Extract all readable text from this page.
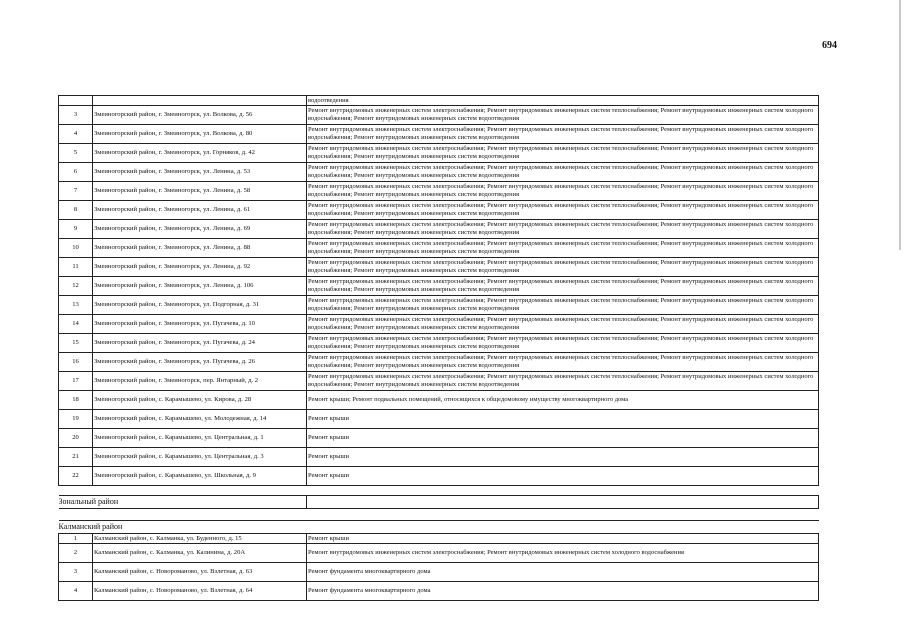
694
		водоотведения
3	Змеиногорский район, г. Змеиногорск, ул. Волкова, д. 56	Ремонт внутридомовых инженерных систем электроснабжения; Ремонт внутридомовых инженерных систем теплоснабжения; Ремонт внутридомовых инженерных систем холодного водоснабжения; Ремонт внутридомовых инженерных систем водоотведения
4	Змеиногорский район, г. Змеиногорск, ул. Волкова, д. 80	Ремонт внутридомовых инженерных систем электроснабжения; Ремонт внутридомовых инженерных систем теплоснабжения; Ремонт внутридомовых инженерных систем холодного водоснабжения; Ремонт внутридомовых инженерных систем водоотведения
5	Змеиногорский район, г. Змеиногорск, ул. Горняков, д. 42	Ремонт внутридомовых инженерных систем электроснабжения; Ремонт внутридомовых инженерных систем теплоснабжения; Ремонт внутридомовых инженерных систем холодного водоснабжения; Ремонт внутридомовых инженерных систем водоотведения
6	Змеиногорский район, г. Змеиногорск, ул. Ленина, д. 53	Ремонт внутридомовых инженерных систем электроснабжения; Ремонт внутридомовых инженерных систем теплоснабжения; Ремонт внутридомовых инженерных систем холодного водоснабжения; Ремонт внутридомовых инженерных систем водоотведения
7	Змеиногорский район, г. Змеиногорск, ул. Ленина, д. 58	Ремонт внутридомовых инженерных систем электроснабжения; Ремонт внутридомовых инженерных систем теплоснабжения; Ремонт внутридомовых инженерных систем холодного водоснабжения; Ремонт внутридомовых инженерных систем водоотведения
8	Змеиногорский район, г. Змеиногорск, ул. Ленина, д. 61	Ремонт внутридомовых инженерных систем электроснабжения; Ремонт внутридомовых инженерных систем теплоснабжения; Ремонт внутридомовых инженерных систем холодного водоснабжения; Ремонт внутридомовых инженерных систем водоотведения
9	Змеиногорский район, г. Змеиногорск, ул. Ленина, д. 69	Ремонт внутридомовых инженерных систем электроснабжения; Ремонт внутридомовых инженерных систем теплоснабжения; Ремонт внутридомовых инженерных систем холодного водоснабжения; Ремонт внутридомовых инженерных систем водоотведения
10	Змеиногорский район, г. Змеиногорск, ул. Ленина, д. 88	Ремонт внутридомовых инженерных систем электроснабжения; Ремонт внутридомовых инженерных систем теплоснабжения; Ремонт внутридомовых инженерных систем холодного водоснабжения; Ремонт внутридомовых инженерных систем водоотведения
11	Змеиногорский район, г. Змеиногорск, ул. Ленина, д. 92	Ремонт внутридомовых инженерных систем электроснабжения; Ремонт внутридомовых инженерных систем теплоснабжения; Ремонт внутридомовых инженерных систем холодного водоснабжения; Ремонт внутридомовых инженерных систем водоотведения
12	Змеиногорский район, г. Змеиногорск, ул. Ленина, д. 106	Ремонт внутридомовых инженерных систем электроснабжения; Ремонт внутридомовых инженерных систем теплоснабжения; Ремонт внутридомовых инженерных систем холодного водоснабжения; Ремонт внутридомовых инженерных систем водоотведения
13	Змеиногорский район, г. Змеиногорск, ул. Подгорная, д. 31	Ремонт внутридомовых инженерных систем электроснабжения; Ремонт внутридомовых инженерных систем теплоснабжения; Ремонт внутридомовых инженерных систем холодного водоснабжения; Ремонт внутридомовых инженерных систем водоотведения
14	Змеиногорский район, г. Змеиногорск, ул. Пугачева, д. 10	Ремонт внутридомовых инженерных систем электроснабжения; Ремонт внутридомовых инженерных систем теплоснабжения; Ремонт внутридомовых инженерных систем холодного водоснабжения; Ремонт внутридомовых инженерных систем водоотведения
15	Змеиногорский район, г. Змеиногорск, ул. Пугачева, д. 24	Ремонт внутридомовых инженерных систем электроснабжения; Ремонт внутридомовых инженерных систем теплоснабжения; Ремонт внутридомовых инженерных систем холодного водоснабжения; Ремонт внутридомовых инженерных систем водоотведения
16	Змеиногорский район, г. Змеиногорск, ул. Пугачева, д. 26	Ремонт внутридомовых инженерных систем электроснабжения; Ремонт внутридомовых инженерных систем теплоснабжения; Ремонт внутридомовых инженерных систем холодного водоснабжения; Ремонт внутридомовых инженерных систем водоотведения
17	Змеиногорский район, г. Змеиногорск, пер. Янтарный, д. 2	Ремонт внутридомовых инженерных систем электроснабжения; Ремонт внутридомовых инженерных систем теплоснабжения; Ремонт внутридомовых инженерных систем холодного водоснабжения; Ремонт внутридомовых инженерных систем водоотведения
18	Змеиногорский район, с. Карамышево, ул. Кирова, д. 28	Ремонт крыши; Ремонт подвальных помещений, относящихся к общедомовому имуществу многоквартирного дома
19	Змеиногорский район, с. Карамышево, ул. Молодежная, д. 14	Ремонт крыши
20	Змеиногорский район, с. Карамышево, ул. Центральная, д. 1	Ремонт крыши
21	Змеиногорский район, с. Карамышево, ул. Центральная, д. 3	Ремонт крыши
22	Змеиногорский район, с. Карамышево, ул. Школьная, д. 9	Ремонт крыши

Зональный район		

Калманский район		
1	Калманский район, с. Калманка, ул. Буденного, д. 15	Ремонт крыши
2	Калманский район, с. Калманка, ул. Калинина, д. 20А	Ремонт внутридомовых инженерных систем электроснабжения; Ремонт внутридомовых инженерных систем холодного водоснабжения
3	Калманский район, с. Новороманово, ул. Взлетная, д. 63	Ремонт фундамента многоквартирного дома
4	Калманский район, с. Новороманово, ул. Взлетная, д. 64	Ремонт фундамента многоквартирного дома
